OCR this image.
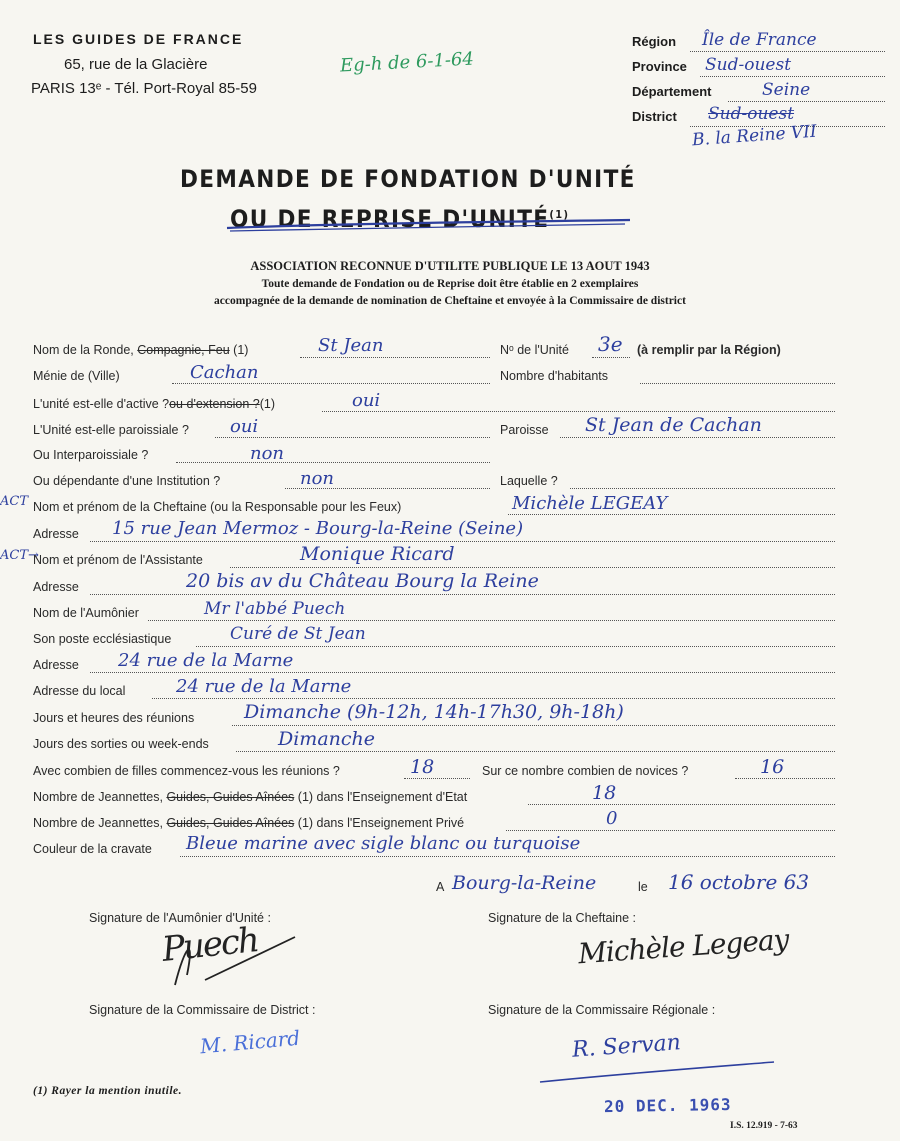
LES GUIDES DE FRANCE
65, rue de la Glacière
PARIS 13ᵉ - Tél. Port-Royal 85-59
Eg-h de 6-1-64
Région Île de France
Province Sud-ouest
Département	Seine
District Sud-ouest
B. la Reine VII
DEMANDE DE FONDATION D'UNITÉ
OU DE REPRISE D'UNITÉ$^{(1)}$
ASSOCIATION RECONNUE D'UTILITE PUBLIQUE LE 13 AOUT 1943
Toute demande de Fondation ou de Reprise doit être établie en 2 exemplaires
accompagnée de la demande de nomination de Cheftaine et envoyée à la Commissaire de district
Nom de la Ronde, Compagnie, Feu (1)	St Jean	Nᵒ de l'Unité 3e (à remplir par la Région)
Ménie de (Ville)	Cachan	Nombre d'habitants
L'unité est-elle d'active ?ou d'extension ?(1)	oui
L'Unité est-elle paroissiale ? oui	Paroisse St Jean de Cachan
Ou Interparoissiale ?	non
Ou dépendante d'une Institution ?	non	Laquelle ?
ACT Nom et prénom de la Cheftaine (ou la Responsable pour les Feux)	Michèle LEGEAY
Adresse 15 rue Jean Mermoz - Bourg-la-Reine (Seine)
ACT→
Nom et prénom de l'Assistante	Monique Ricard
Adresse	20 bis av du Château Bourg la Reine
Nom de l'Aumônier	Mr l'abbé Puech
Son poste ecclésiastique	Curé de St Jean
Adresse 24 rue de la Marne
Adresse du local	24 rue de la Marne
Jours et heures des réunions	Dimanche (9h-12h, 14h-17h30, 9h-18h)
Jours des sorties ou week-ends	Dimanche
Avec combien de filles commencez-vous les réunions ?	18	Sur ce nombre combien de novices ?	16
Nombre de Jeannettes, Guides, Guides Aînées (1) dans l'Enseignement d'Etat	18
Nombre de Jeannettes, Guides, Guides Aînées (1) dans l'Enseignement Privé	0
Couleur de la cravate Bleue marine avec sigle blanc ou turquoise
A Bourg-la-Reine	le 16 octobre 63
Signature de l'Aumônier d'Unité :	Signature de la Cheftaine :
Puech	Michèle Legeay
Signature de la Commissaire de District :	Signature de la Commissaire Régionale :
M. Ricard	R. Servan
20 DEC. 1963
(1) Rayer la mention inutile.
I.S. 12.919 - 7-63
